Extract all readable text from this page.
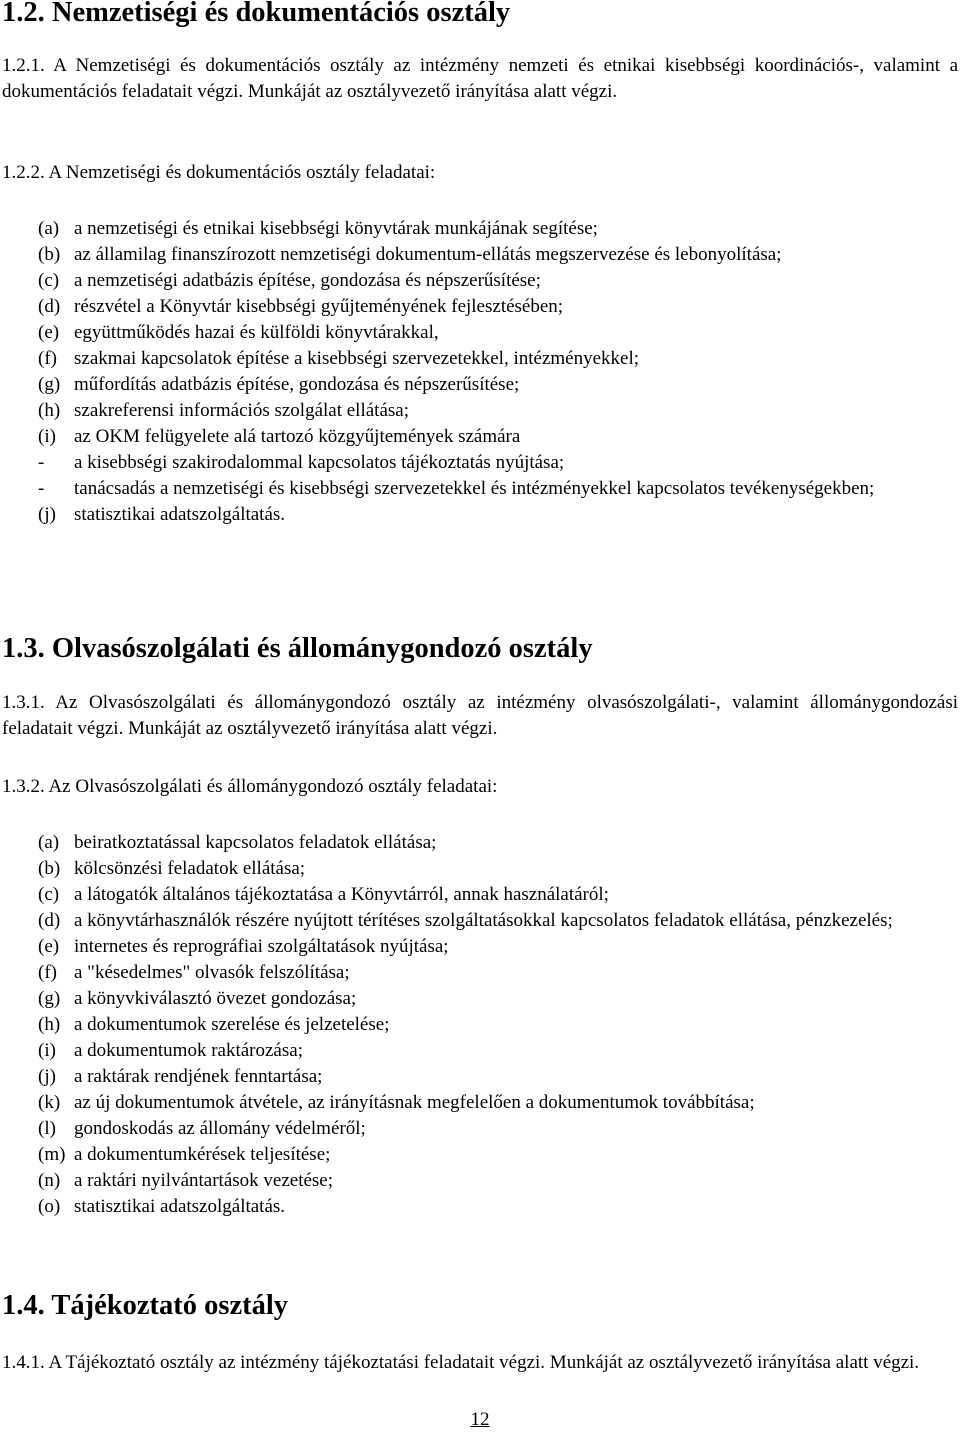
1.2. Nemzetiségi és dokumentációs osztály

1.2.1. A Nemzetiségi és dokumentációs osztály az intézmény nemzeti és etnikai kisebbségi koordinációs-, valamint a dokumentációs feladatait végzi. Munkáját az osztályvezető irányítása alatt végzi.

1.2.2. A Nemzetiségi és dokumentációs osztály feladatai:

(a) a nemzetiségi és etnikai kisebbségi könyvtárak munkájának segítése;
(b) az államilag finanszírozott nemzetiségi dokumentum-ellátás megszervezése és lebonyolítása;
(c) a nemzetiségi adatbázis építése, gondozása és népszerűsítése;
(d) részvétel a Könyvtár kisebbségi gyűjteményének fejlesztésében;
(e) együttműködés hazai és külföldi könyvtárakkal,
(f) szakmai kapcsolatok építése a kisebbségi szervezetekkel, intézményekkel;
(g) műfordítás adatbázis építése, gondozása és népszerűsítése;
(h) szakreferensi információs szolgálat ellátása;
(i) az OKM felügyelete alá tartozó közgyűjtemények számára
-	a kisebbségi szakirodalommal kapcsolatos tájékoztatás nyújtása;
-	tanácsadás a nemzetiségi és kisebbségi szervezetekkel és intézményekkel kapcsolatos tevékenységekben;
(j) statisztikai adatszolgáltatás.
1.3. Olvasószolgálati és állománygondozó osztály

1.3.1. Az Olvasószolgálati és állománygondozó osztály az intézmény olvasószolgálati-, valamint állománygondozási feladatait végzi. Munkáját az osztályvezető irányítása alatt végzi.

1.3.2. Az Olvasószolgálati és állománygondozó osztály feladatai:

(a) beiratkoztatással kapcsolatos feladatok ellátása;
(b) kölcsönzési feladatok ellátása;
(c) a látogatók általános tájékoztatása a Könyvtárról, annak használatáról;
(d) a könyvtárhasználók részére nyújtott térítéses szolgáltatásokkal kapcsolatos feladatok ellátása, pénzkezelés;
(e) internetes és reprográfiai szolgáltatások nyújtása;
(f) a "késedelmes" olvasók felszólítása;
(g) a könyvkiválasztó övezet gondozása;
(h) a dokumentumok szerelése és jelzetelése;
(i) a dokumentumok raktározása;
(j) a raktárak rendjének fenntartása;
(k) az új dokumentumok átvétele, az irányításnak megfelelően a dokumentumok továbbítása;
(l) gondoskodás az állomány védelméről;
(m) a dokumentumkérések teljesítése;
(n) a raktári nyilvántartások vezetése;
(o) statisztikai adatszolgáltatás.
1.4. Tájékoztató osztály

1.4.1. A Tájékoztató osztály az intézmény tájékoztatási feladatait végzi. Munkáját az osztályvezető irányítása alatt végzi.

12
